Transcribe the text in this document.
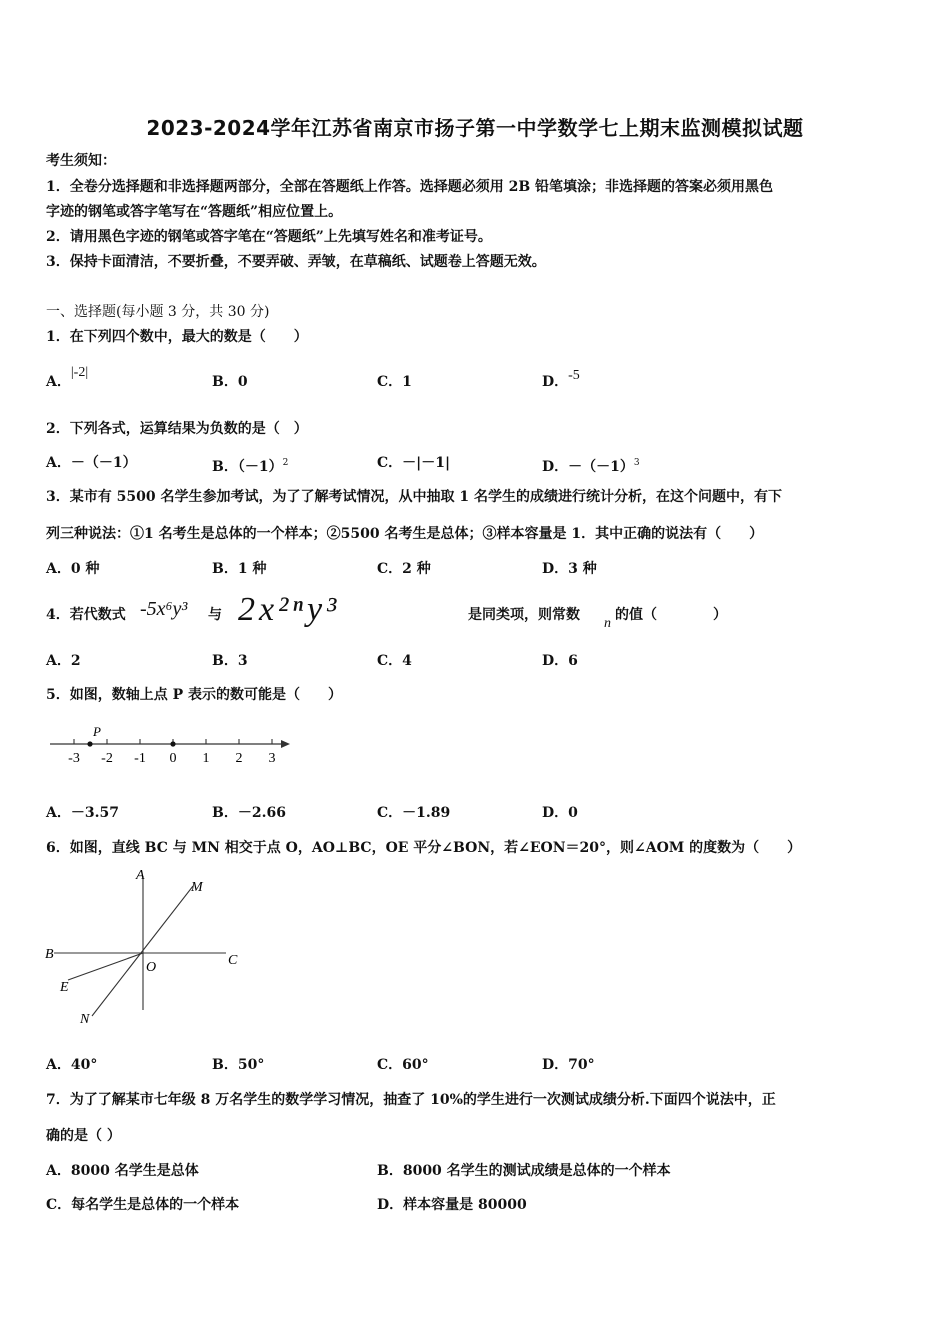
2023-2024学年江苏省南京市扬子第一中学数学七上期末监测模拟试题
考生须知：
1．全卷分选择题和非选择题两部分，全部在答题纸上作答。选择题必须用 2B 铅笔填涂；非选择题的答案必须用黑色
字迹的钢笔或答字笔写在“答题纸”相应位置上。
2．请用黑色字迹的钢笔或答字笔在“答题纸”上先填写姓名和准考证号。
3．保持卡面清洁，不要折叠，不要弄破、弄皱，在草稿纸、试题卷上答题无效。
一、选择题(每小题 3 分，共 30 分)
1．在下列四个数中，最大的数是（　　）
A．|-2|
B．0	C．1	D．-5
2．下列各式，运算结果为负数的是（　）
A．－（－1）	B．$(-1)^2$	C．－|－1|	D．$-(-1)^3$
3．某市有 5500 名学生参加考试，为了了解考试情况，从中抽取 1 名学生的成绩进行统计分析，在这个问题中，有下
列三种说法：①1 名考生是总体的一个样本；②5500 名考生是总体；③样本容量是 1．其中正确的说法有（　　）
A．0 种	B．1 种	C．2 种	D．3 种
4．若代数式 -5x⁶y³ 与 2x²ⁿy³	是同类项，则常数
n
的值（　　　　）
A．2	B．3	C．4	D．6
5．如图，数轴上点 P 表示的数可能是（　　）
-3 -2 -1 0 1 2 3
P
A．－3.57	B．－2.66	C．－1.89	D．0
6．如图，直线 BC 与 MN 相交于点 O，AO⊥BC，OE 平分∠BON，若∠EON＝20°，则∠AOM 的度数为（　　）
A
M
B
O	C
E
N
A．40°	B．50°	C．60°	D．70°
7．为了了解某市七年级 8 万名学生的数学学习情况，抽查了 10%的学生进行一次测试成绩分析.下面四个说法中，正
确的是（ ）
A．8000 名学生是总体	B．8000 名学生的测试成绩是总体的一个样本
C．每名学生是总体的一个样本	D．样本容量是 80000
